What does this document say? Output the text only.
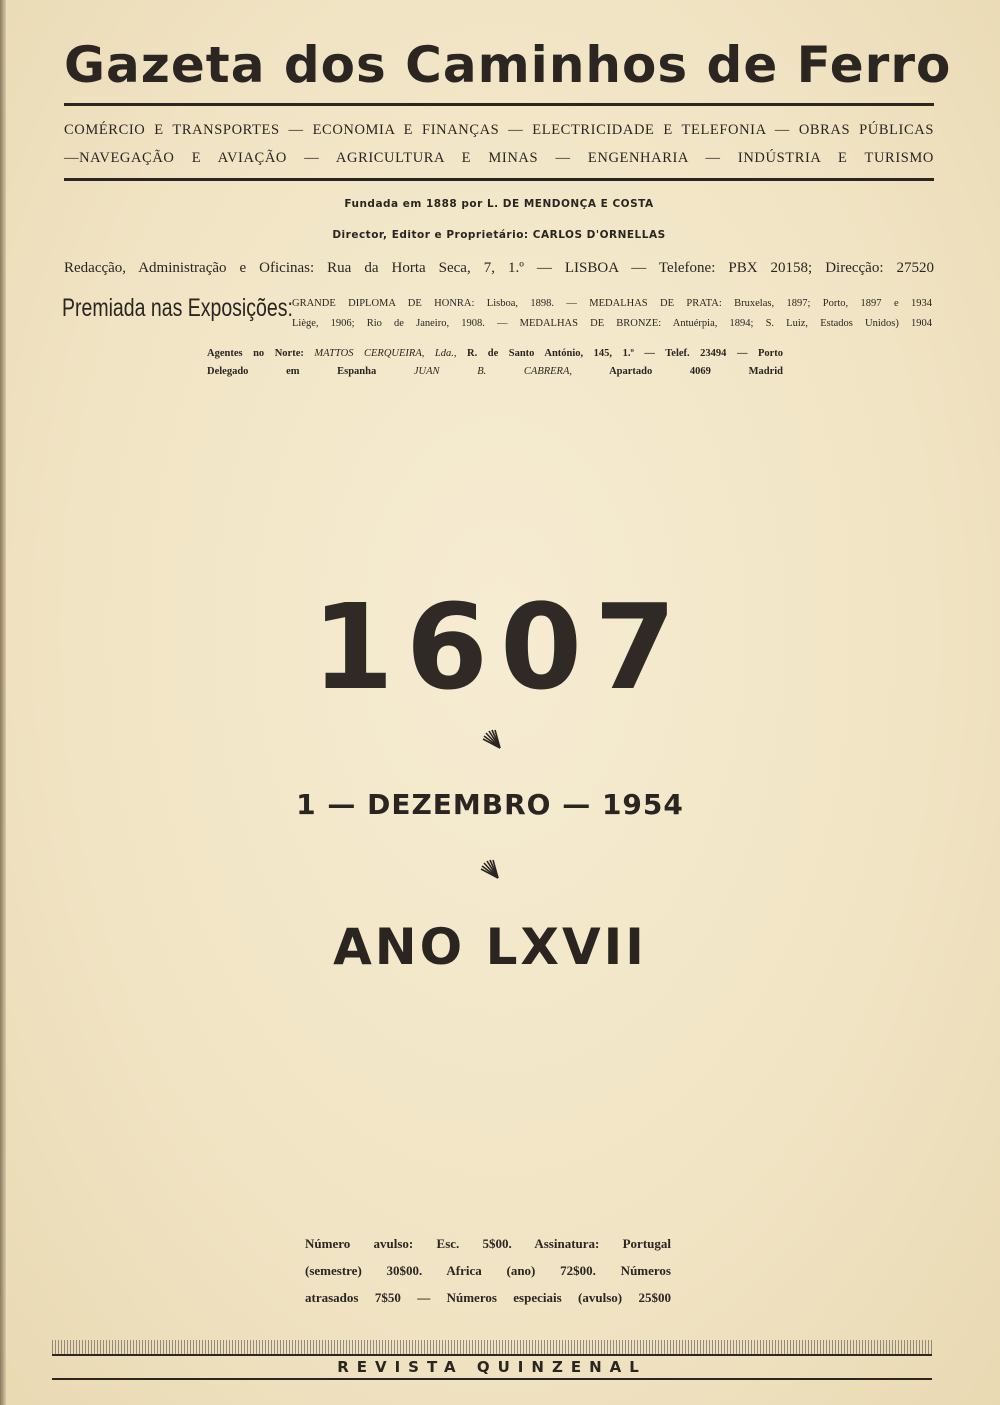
Gazeta dos Caminhos de Ferro
COMÉRCIO E TRANSPORTES — ECONOMIA E FINANÇAS — ELECTRICIDADE E TELEFONIA — OBRAS PÚBLICAS
—NAVEGAÇÃO E AVIAÇÃO — AGRICULTURA E MINAS — ENGENHARIA — INDÚSTRIA E TURISMO
Fundada em 1888 por L. DE MENDONÇA E COSTA
Director, Editor e Proprietário: CARLOS D'ORNELLAS
Redacção, Administração e Oficinas: Rua da Horta Seca, 7, 1.º — LISBOA — Telefone: PBX 20158; Direcção: 27520
Premiada nas Exposições: GRANDE DIPLOMA DE HONRA: Lisboa, 1898. — MEDALHAS DE PRATA: Bruxelas, 1897; Porto, 1897 e 1934
Liège, 1906; Rio de Janeiro, 1908. — MEDALHAS DE BRONZE: Antuérpia, 1894; S. Luiz, Estados Unidos) 1904
Agentes no Norte: MATTOS CERQUEIRA, Lda., R. de Santo António, 145, 1.º — Telef. 23494 — Porto
Delegado em Espanha	JUAN B. CABRERA,	Apartado 4069 Madrid
1607
1 — DEZEMBRO — 1954
ANO LXVII
Número avulso: Esc. 5$00. Assinatura: Portugal
(semestre) 30$00. Africa (ano) 72$00. Números
atrasados 7$50 — Números especiais (avulso) 25$00
REVISTA QUINZENAL
